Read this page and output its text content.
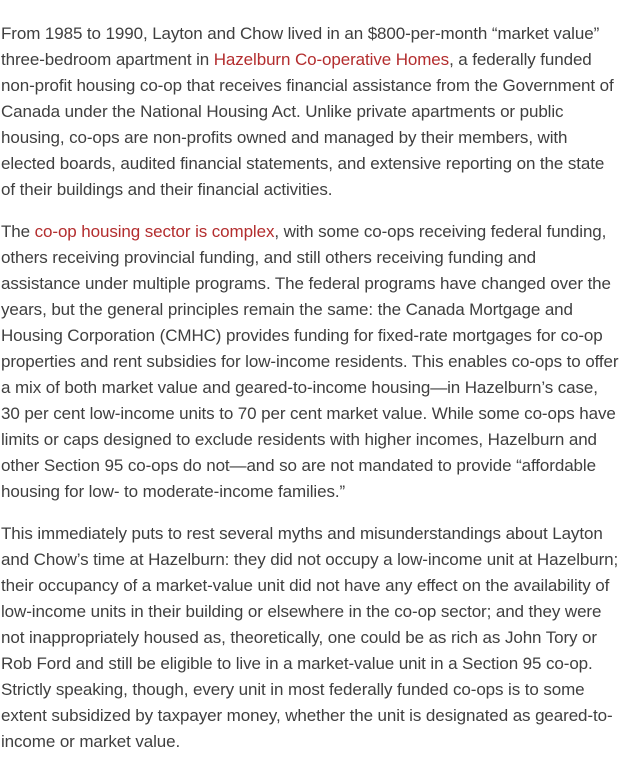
From 1985 to 1990, Layton and Chow lived in an $800-per-month “market value” three-bedroom apartment in Hazelburn Co-operative Homes, a federally funded non-profit housing co-op that receives financial assistance from the Government of Canada under the National Housing Act. Unlike private apartments or public housing, co-ops are non-profits owned and managed by their members, with elected boards, audited financial statements, and extensive reporting on the state of their buildings and their financial activities.

The co-op housing sector is complex, with some co-ops receiving federal funding, others receiving provincial funding, and still others receiving funding and assistance under multiple programs. The federal programs have changed over the years, but the general principles remain the same: the Canada Mortgage and Housing Corporation (CMHC) provides funding for fixed-rate mortgages for co-op properties and rent subsidies for low-income residents. This enables co-ops to offer a mix of both market value and geared-to-income housing—in Hazelburn’s case, 30 per cent low-income units to 70 per cent market value. While some co-ops have limits or caps designed to exclude residents with higher incomes, Hazelburn and other Section 95 co-ops do not—and so are not mandated to provide “affordable housing for low- to moderate-income families.”

This immediately puts to rest several myths and misunderstandings about Layton and Chow’s time at Hazelburn: they did not occupy a low-income unit at Hazelburn; their occupancy of a market-value unit did not have any effect on the availability of low-income units in their building or elsewhere in the co-op sector; and they were not inappropriately housed as, theoretically, one could be as rich as John Tory or Rob Ford and still be eligible to live in a market-value unit in a Section 95 co-op. Strictly speaking, though, every unit in most federally funded co-ops is to some extent subsidized by taxpayer money, whether the unit is designated as geared-to-income or market value.
